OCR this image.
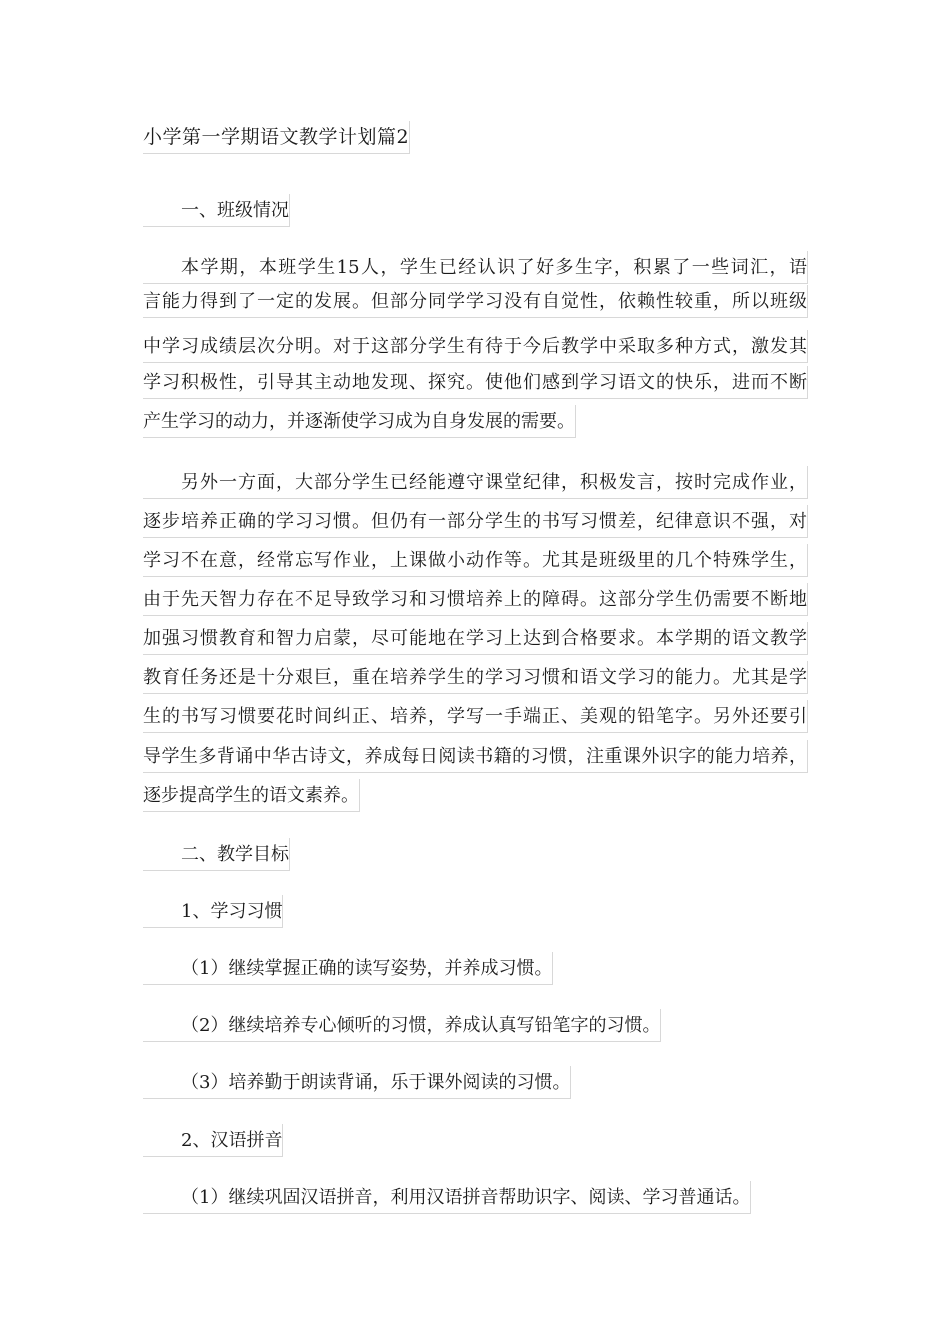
小学第一学期语文教学计划篇2
一、班级情况
本学期，本班学生15人，学生已经认识了好多生字，积累了一些词汇，语
言能力得到了一定的发展。但部分同学学习没有自觉性，依赖性较重，所以班级
中学习成绩层次分明。对于这部分学生有待于今后教学中采取多种方式，激发其
学习积极性，引导其主动地发现、探究。使他们感到学习语文的快乐，进而不断
产生学习的动力，并逐渐使学习成为自身发展的需要。
另外一方面，大部分学生已经能遵守课堂纪律，积极发言，按时完成作业，
逐步培养正确的学习习惯。但仍有一部分学生的书写习惯差，纪律意识不强，对
学习不在意，经常忘写作业，上课做小动作等。尤其是班级里的几个特殊学生，
由于先天智力存在不足导致学习和习惯培养上的障碍。这部分学生仍需要不断地
加强习惯教育和智力启蒙，尽可能地在学习上达到合格要求。本学期的语文教学
教育任务还是十分艰巨，重在培养学生的学习习惯和语文学习的能力。尤其是学
生的书写习惯要花时间纠正、培养，学写一手端正、美观的铅笔字。另外还要引
导学生多背诵中华古诗文，养成每日阅读书籍的习惯，注重课外识字的能力培养，
逐步提高学生的语文素养。
二、教学目标
1、学习习惯
（1）继续掌握正确的读写姿势，并养成习惯。
（2）继续培养专心倾听的习惯，养成认真写铅笔字的习惯。
（3）培养勤于朗读背诵，乐于课外阅读的习惯。
2、汉语拼音
（1）继续巩固汉语拼音，利用汉语拼音帮助识字、阅读、学习普通话。
